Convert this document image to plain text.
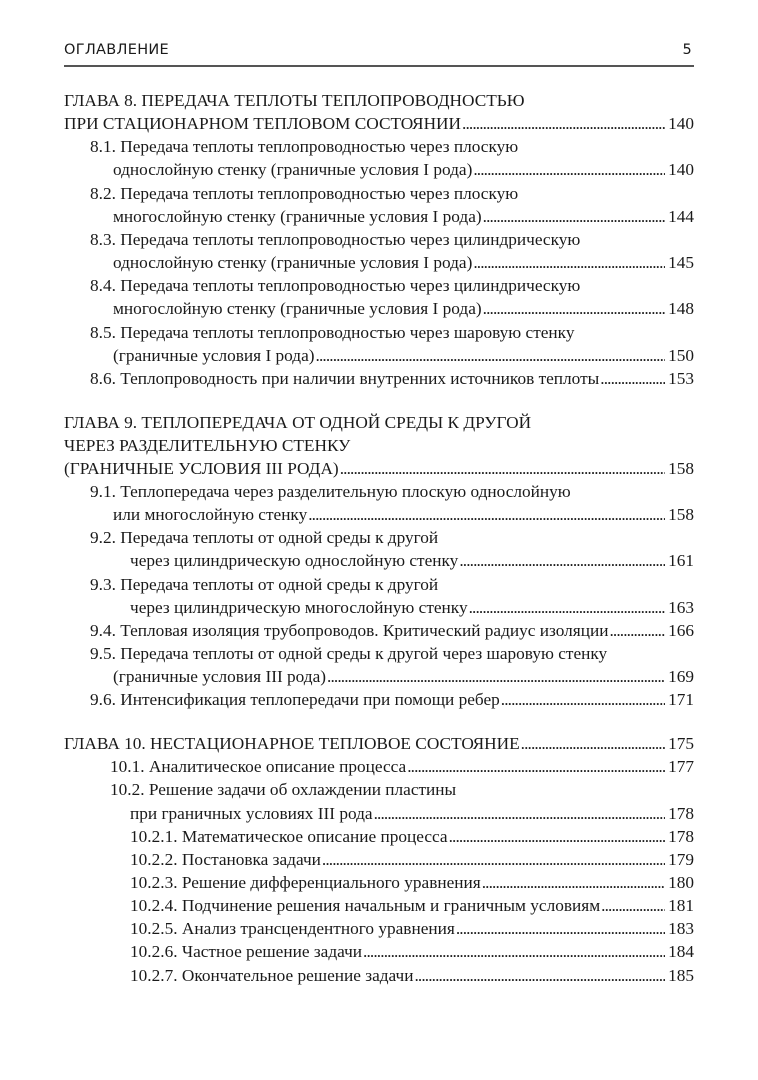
ОГЛАВЛЕНИЕ	5
ГЛАВА 8. ПЕРЕДАЧА ТЕПЛОТЫ ТЕПЛОПРОВОДНОСТЬЮ
ПРИ СТАЦИОНАРНОМ ТЕПЛОВОМ СОСТОЯНИИ . . .	140
8.1. Передача теплоты теплопроводностью через плоскую
однослойную стенку (граничные условия I рода) . . .	140
8.2. Передача теплоты теплопроводностью через плоскую
многослойную стенку (граничные условия I рода) . . .	144
8.3. Передача теплоты теплопроводностью через цилиндрическую
однослойную стенку (граничные условия I рода) . . .	145
8.4. Передача теплоты теплопроводностью через цилиндрическую
многослойную стенку (граничные условия I рода) . . .	148
8.5. Передача теплоты теплопроводностью через шаровую стенку
(граничные условия I рода) . . .	150
8.6. Теплопроводность при наличии внутренних источников теплоты . . .	153
ГЛАВА 9. ТЕПЛОПЕРЕДАЧА ОТ ОДНОЙ СРЕДЫ К ДРУГОЙ
ЧЕРЕЗ РАЗДЕЛИТЕЛЬНУЮ СТЕНКУ
(ГРАНИЧНЫЕ УСЛОВИЯ III РОДА) . . .	158
9.1. Теплопередача через разделительную плоскую однослойную
или многослойную стенку . . .	158
9.2. Передача теплоты от одной среды к другой
через цилиндрическую однослойную стенку . . .	161
9.3. Передача теплоты от одной среды к другой
через цилиндрическую многослойную стенку . . .	163
9.4. Тепловая изоляция трубопроводов. Критический радиус изоляции . . .	166
9.5. Передача теплоты от одной среды к другой через шаровую стенку
(граничные условия III рода) . . .	169
9.6. Интенсификация теплопередачи при помощи ребер . . .	171
ГЛАВА 10. НЕСТАЦИОНАРНОЕ ТЕПЛОВОЕ СОСТОЯНИЕ . . .	175
10.1. Аналитическое описание процесса . . .	177
10.2. Решение задачи об охлаждении пластины
при граничных условиях III рода . . .	178
10.2.1. Математическое описание процесса . . .	178
10.2.2. Постановка задачи . . .	179
10.2.3. Решение дифференциального уравнения . . .	180
10.2.4. Подчинение решения начальным и граничным условиям . . .	181
10.2.5. Анализ трансцендентного уравнения . . .	183
10.2.6. Частное решение задачи . . .	184
10.2.7. Окончательное решение задачи . . .	185
